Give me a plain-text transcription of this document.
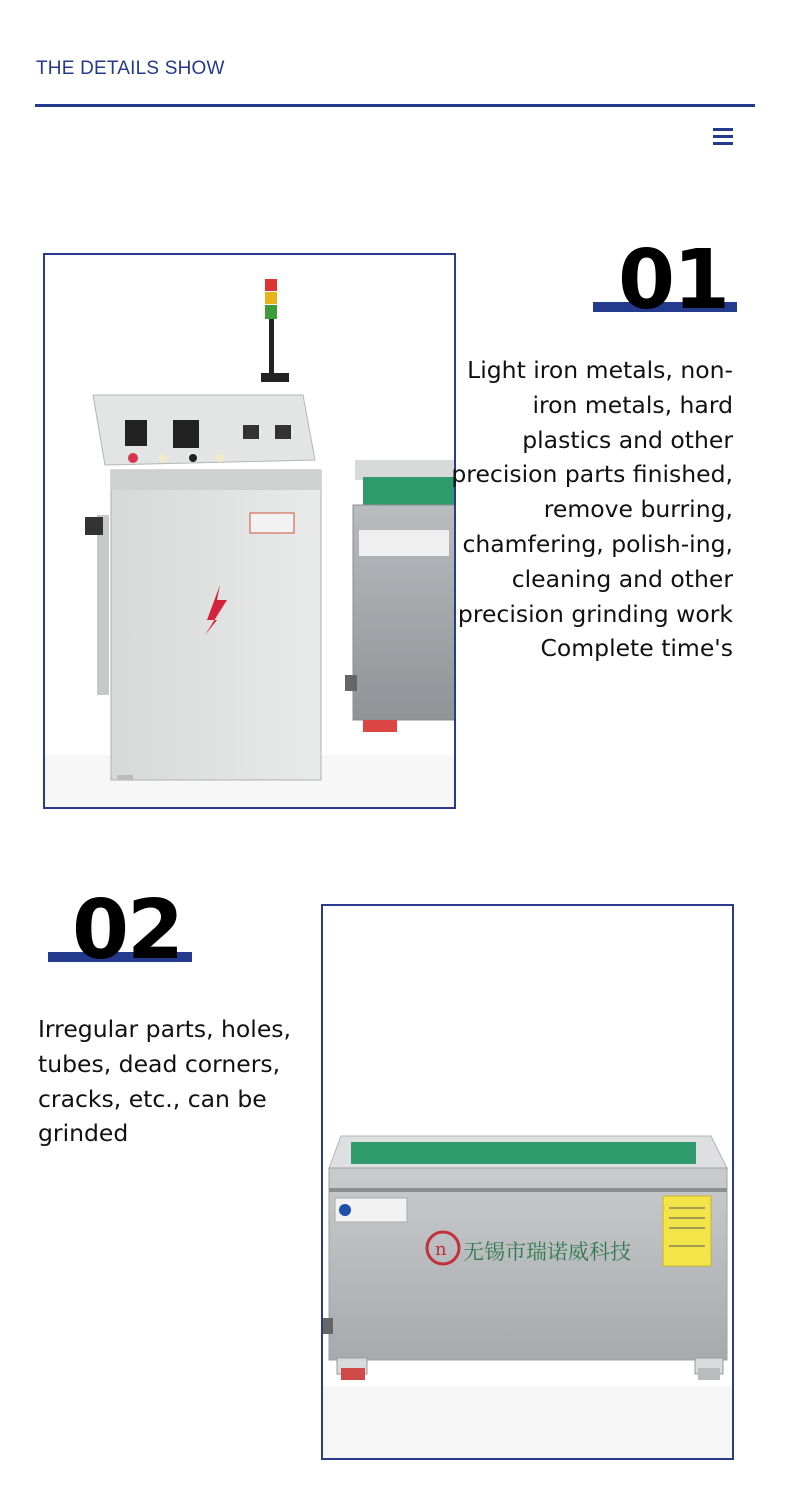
THE DETAILS SHOW
01
Light iron metals, non-iron metals, hard plastics and other precision parts finished, remove burring, chamfering, polish-ing, cleaning and other precision grinding work Complete time's
02
Irregular parts, holes, tubes, dead corners, cracks, etc., can be grinded
n 无锡市瑞诺威科技
